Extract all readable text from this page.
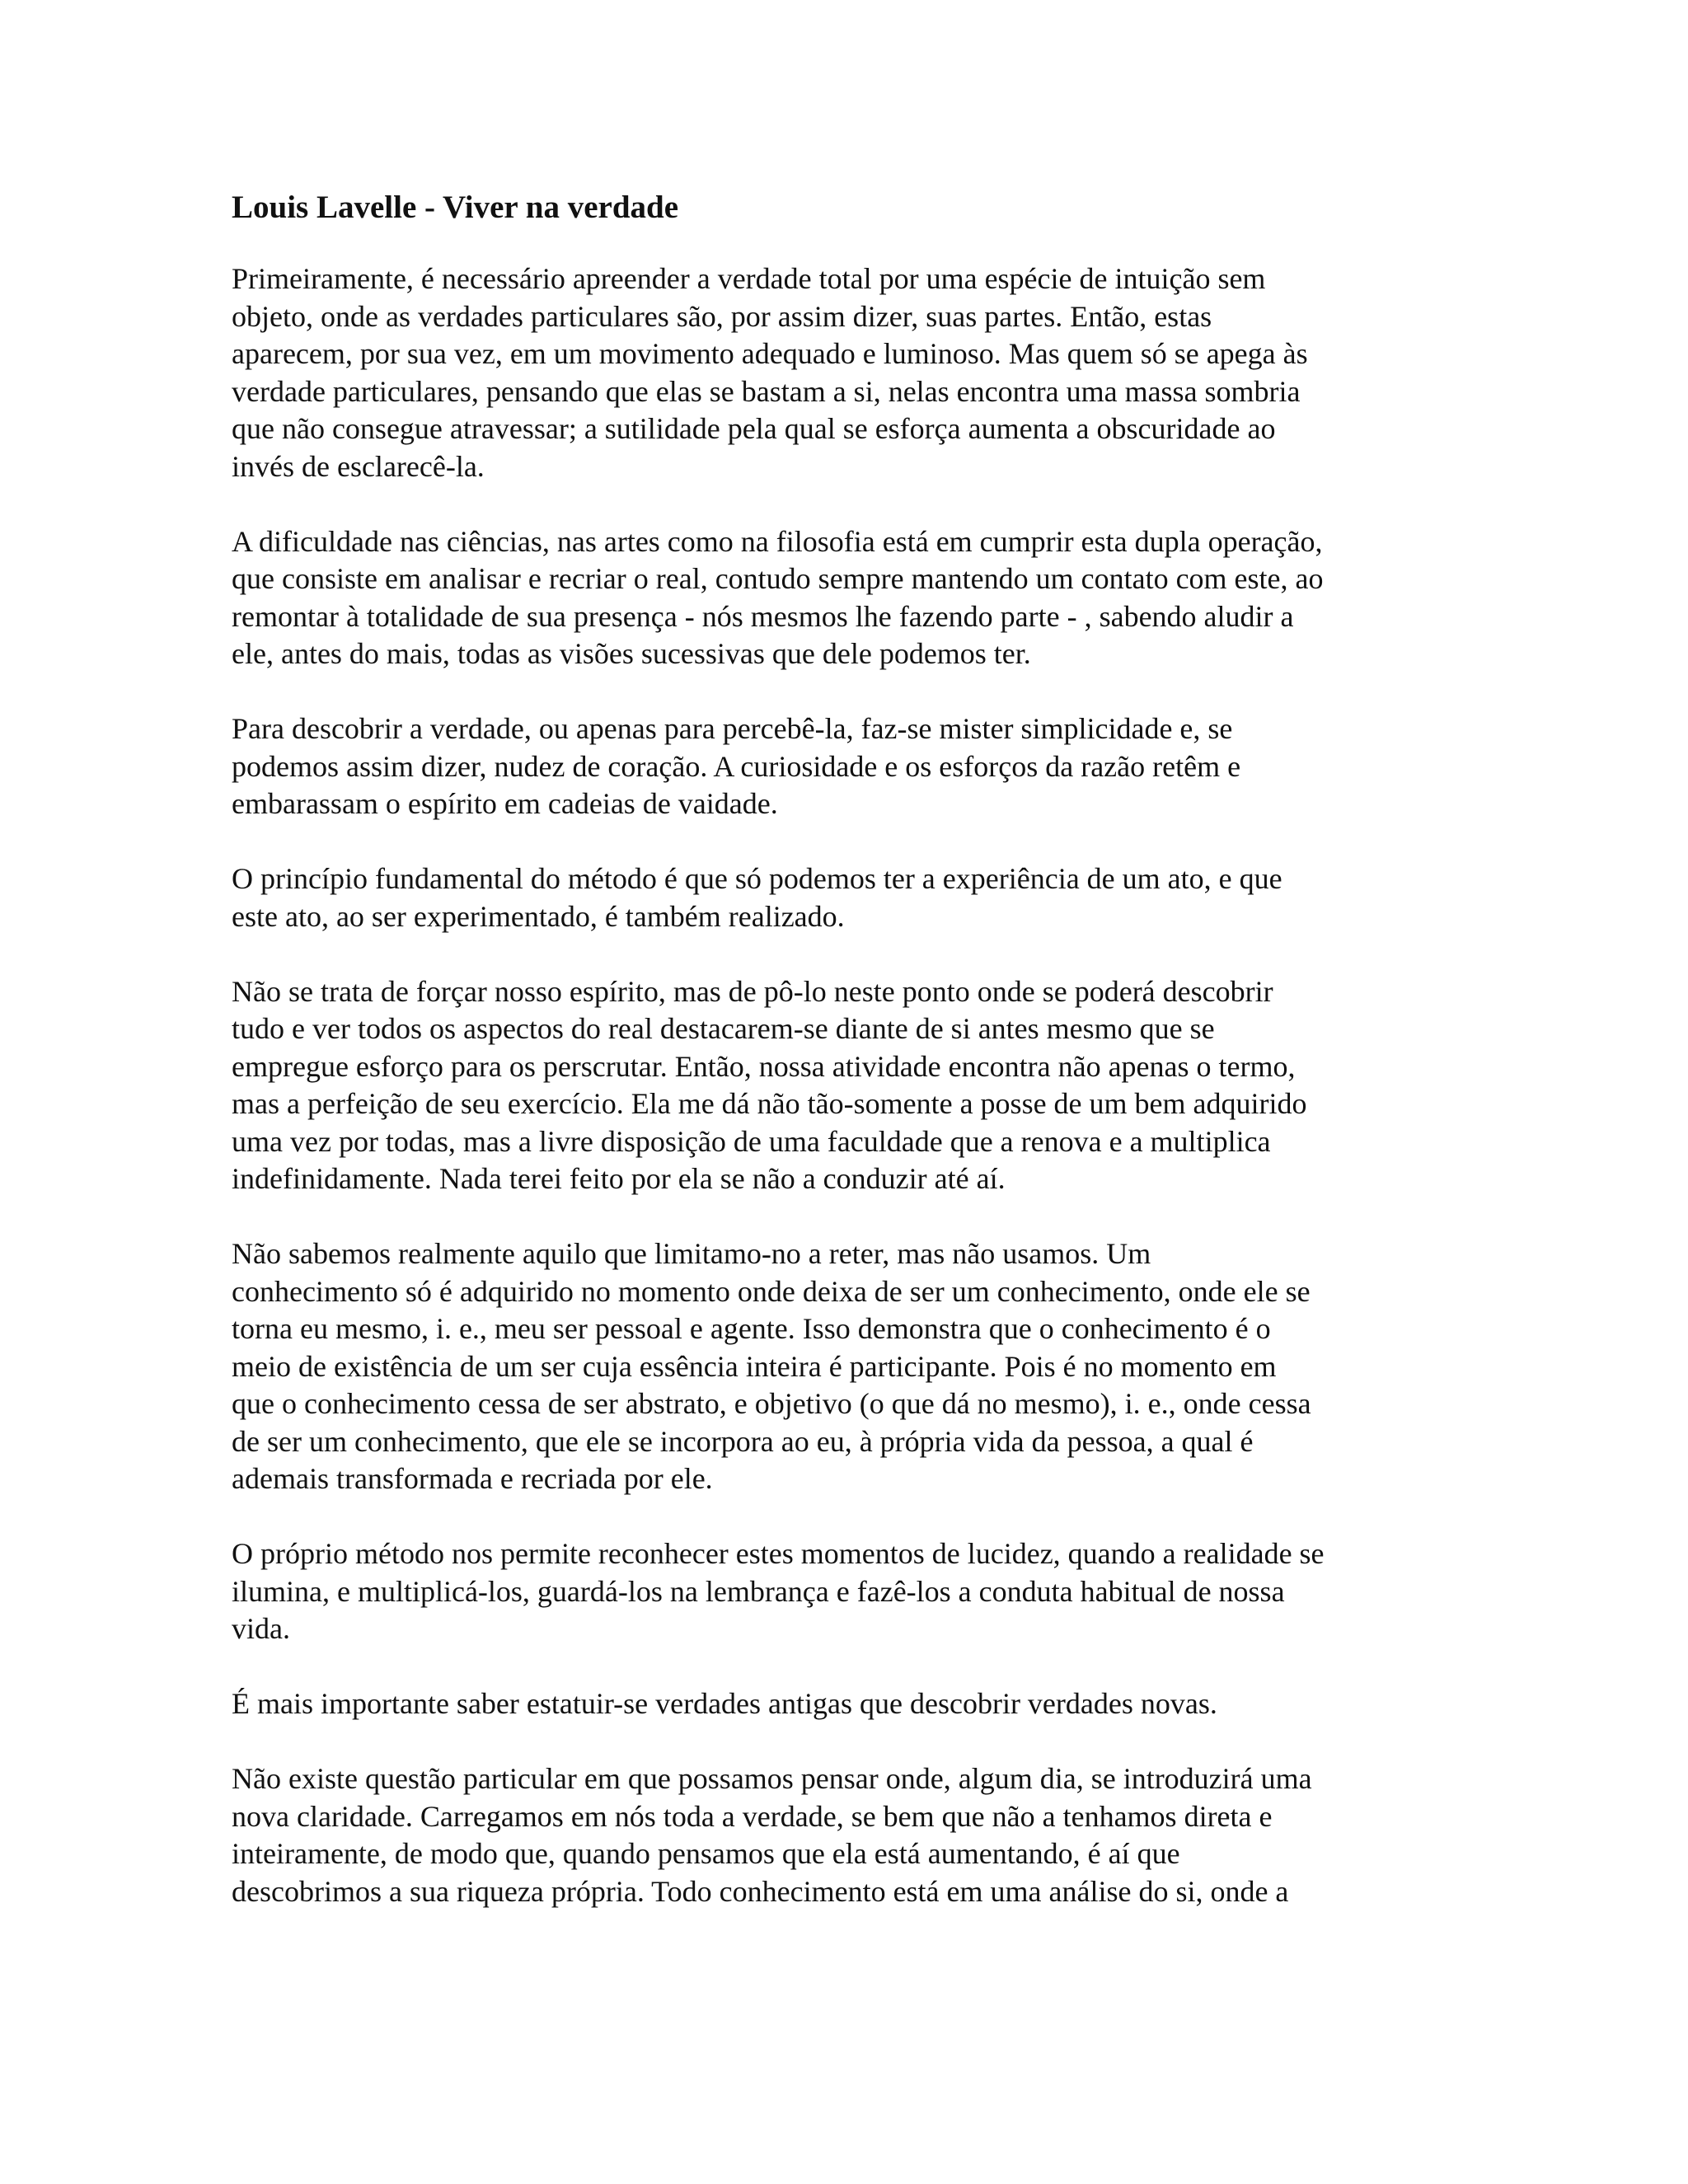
Louis Lavelle - Viver na verdade

Primeiramente, é necessário apreender a verdade total por uma espécie de intuição sem
objeto, onde as verdades particulares são, por assim dizer, suas partes. Então, estas
aparecem, por sua vez, em um movimento adequado e luminoso. Mas quem só se apega às
verdade particulares, pensando que elas se bastam a si, nelas encontra uma massa sombria
que não consegue atravessar; a sutilidade pela qual se esforça aumenta a obscuridade ao
invés de esclarecê-la.

A dificuldade nas ciências, nas artes como na filosofia está em cumprir esta dupla operação,
que consiste em analisar e recriar o real, contudo sempre mantendo um contato com este, ao
remontar à totalidade de sua presença - nós mesmos lhe fazendo parte - , sabendo aludir a
ele, antes do mais, todas as visões sucessivas que dele podemos ter.

Para descobrir a verdade, ou apenas para percebê-la, faz-se mister simplicidade e, se
podemos assim dizer, nudez de coração. A curiosidade e os esforços da razão retêm e
embarassam o espírito em cadeias de vaidade.

O princípio fundamental do método é que só podemos ter a experiência de um ato, e que
este ato, ao ser experimentado, é também realizado.

Não se trata de forçar nosso espírito, mas de pô-lo neste ponto onde se poderá descobrir
tudo e ver todos os aspectos do real destacarem-se diante de si antes mesmo que se
empregue esforço para os perscrutar. Então, nossa atividade encontra não apenas o termo,
mas a perfeição de seu exercício. Ela me dá não tão-somente a posse de um bem adquirido
uma vez por todas, mas a livre disposição de uma faculdade que a renova e a multiplica
indefinidamente. Nada terei feito por ela se não a conduzir até aí.

Não sabemos realmente aquilo que limitamo-no a reter, mas não usamos. Um
conhecimento só é adquirido no momento onde deixa de ser um conhecimento, onde ele se
torna eu mesmo, i. e., meu ser pessoal e agente. Isso demonstra que o conhecimento é o
meio de existência de um ser cuja essência inteira é participante. Pois é no momento em
que o conhecimento cessa de ser abstrato, e objetivo (o que dá no mesmo), i. e., onde cessa
de ser um conhecimento, que ele se incorpora ao eu, à própria vida da pessoa, a qual é
ademais transformada e recriada por ele.

O próprio método nos permite reconhecer estes momentos de lucidez, quando a realidade se
ilumina, e multiplicá-los, guardá-los na lembrança e fazê-los a conduta habitual de nossa
vida.

É mais importante saber estatuir-se verdades antigas que descobrir verdades novas.

Não existe questão particular em que possamos pensar onde, algum dia, se introduzirá uma
nova claridade. Carregamos em nós toda a verdade, se bem que não a tenhamos direta e
inteiramente, de modo que, quando pensamos que ela está aumentando, é aí que
descobrimos a sua riqueza própria. Todo conhecimento está em uma análise do si, onde a
